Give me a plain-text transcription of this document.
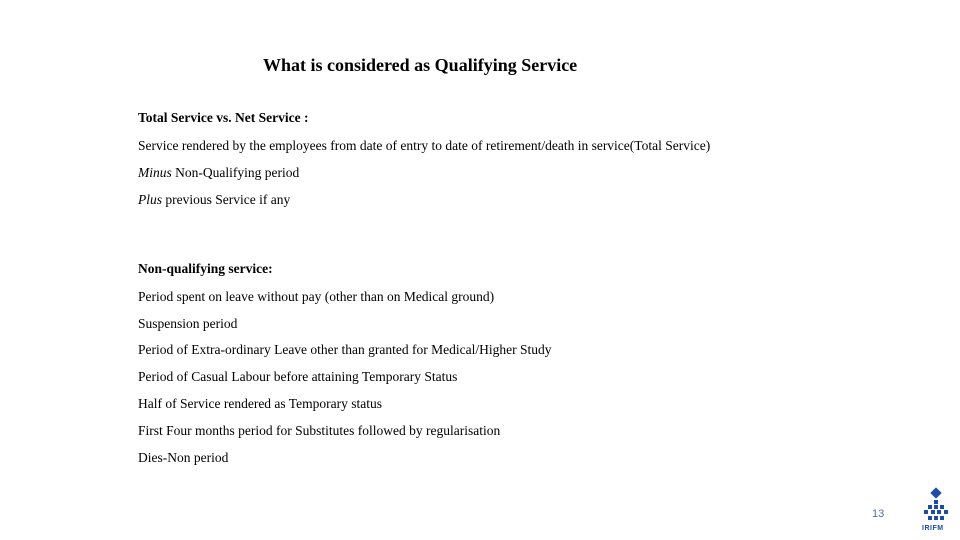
What is considered as Qualifying Service
Total Service vs. Net Service :
Service rendered by the employees from date of entry to date of retirement/death in service(Total Service)
Minus Non-Qualifying period
Plus previous Service if any
Non-qualifying service:
Period spent on leave without pay (other than on Medical ground)
Suspension period
Period of Extra-ordinary Leave other than granted for Medical/Higher Study
Period of Casual Labour before attaining Temporary Status
Half of Service rendered as Temporary status
First Four months period for Substitutes followed by regularisation
Dies-Non period
13
IRIFM
